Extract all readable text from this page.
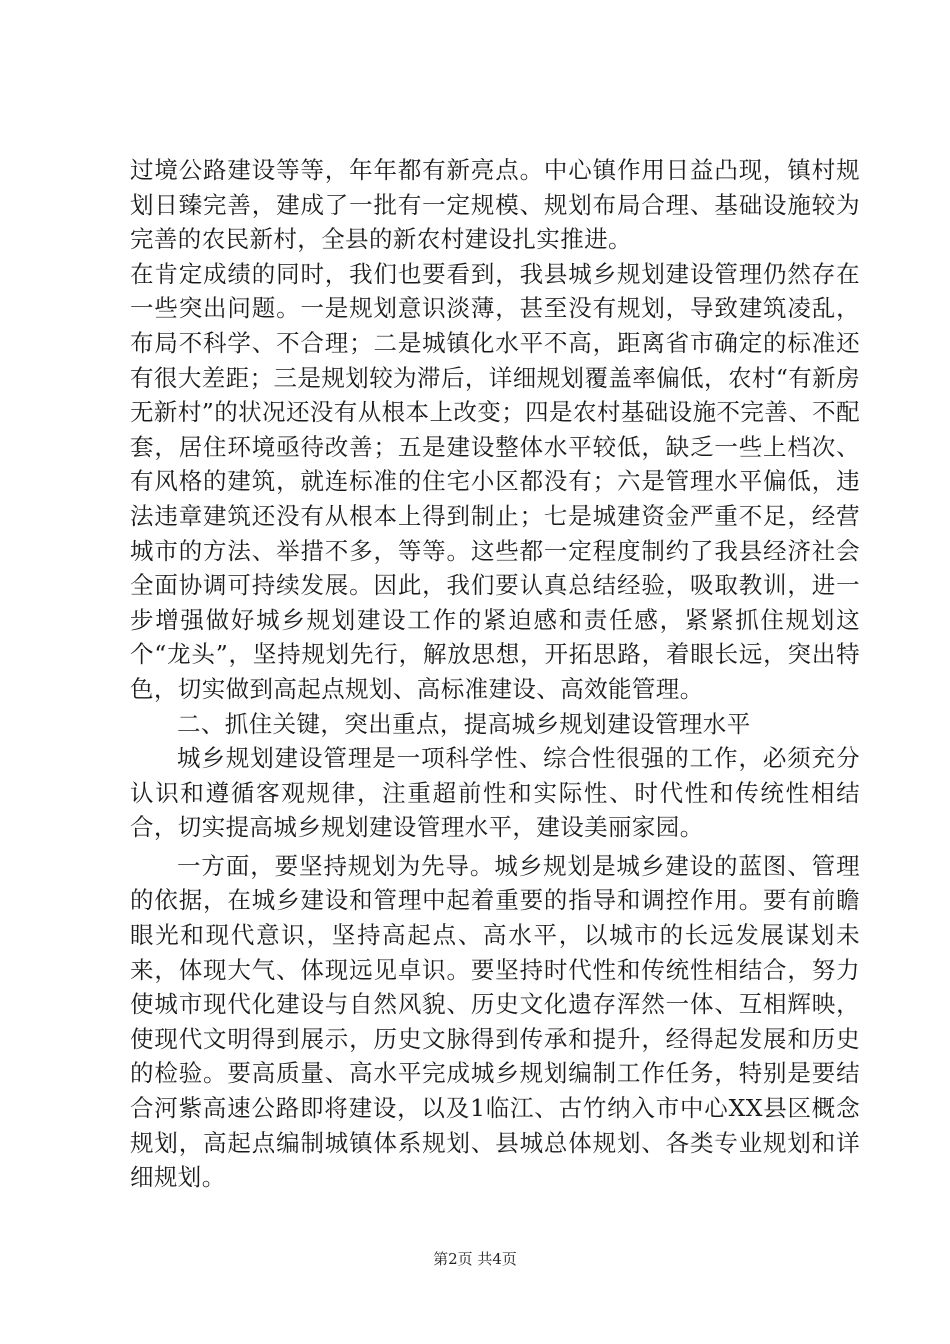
过境公路建设等等，年年都有新亮点。中心镇作用日益凸现，镇村规划日臻完善，建成了一批有一定规模、规划布局合理、基础设施较为完善的农民新村，全县的新农村建设扎实推进。

在肯定成绩的同时，我们也要看到，我县城乡规划建设管理仍然存在一些突出问题。一是规划意识淡薄，甚至没有规划，导致建筑凌乱，布局不科学、不合理；二是城镇化水平不高，距离省市确定的标准还有很大差距；三是规划较为滞后，详细规划覆盖率偏低，农村“有新房无新村”的状况还没有从根本上改变；四是农村基础设施不完善、不配套，居住环境亟待改善；五是建设整体水平较低，缺乏一些上档次、有风格的建筑，就连标准的住宅小区都没有；六是管理水平偏低，违法违章建筑还没有从根本上得到制止；七是城建资金严重不足，经营城市的方法、举措不多，等等。这些都一定程度制约了我县经济社会全面协调可持续发展。因此，我们要认真总结经验，吸取教训，进一步增强做好城乡规划建设工作的紧迫感和责任感，紧紧抓住规划这个“龙头”，坚持规划先行，解放思想，开拓思路，着眼长远，突出特色，切实做到高起点规划、高标准建设、高效能管理。

二、抓住关键，突出重点，提高城乡规划建设管理水平

城乡规划建设管理是一项科学性、综合性很强的工作，必须充分认识和遵循客观规律，注重超前性和实际性、时代性和传统性相结合，切实提高城乡规划建设管理水平，建设美丽家园。

一方面，要坚持规划为先导。城乡规划是城乡建设的蓝图、管理的依据，在城乡建设和管理中起着重要的指导和调控作用。要有前瞻眼光和现代意识，坚持高起点、高水平，以城市的长远发展谋划未来，体现大气、体现远见卓识。要坚持时代性和传统性相结合，努力使城市现代化建设与自然风貌、历史文化遗存浑然一体、互相辉映，使现代文明得到展示，历史文脉得到传承和提升，经得起发展和历史的检验。要高质量、高水平完成城乡规划编制工作任务，特别是要结合河紫高速公路即将建设，以及1临江、古竹纳入市中心XX县区概念规划，高起点编制城镇体系规划、县城总体规划、各类专业规划和详细规划。

第2页 共4页
